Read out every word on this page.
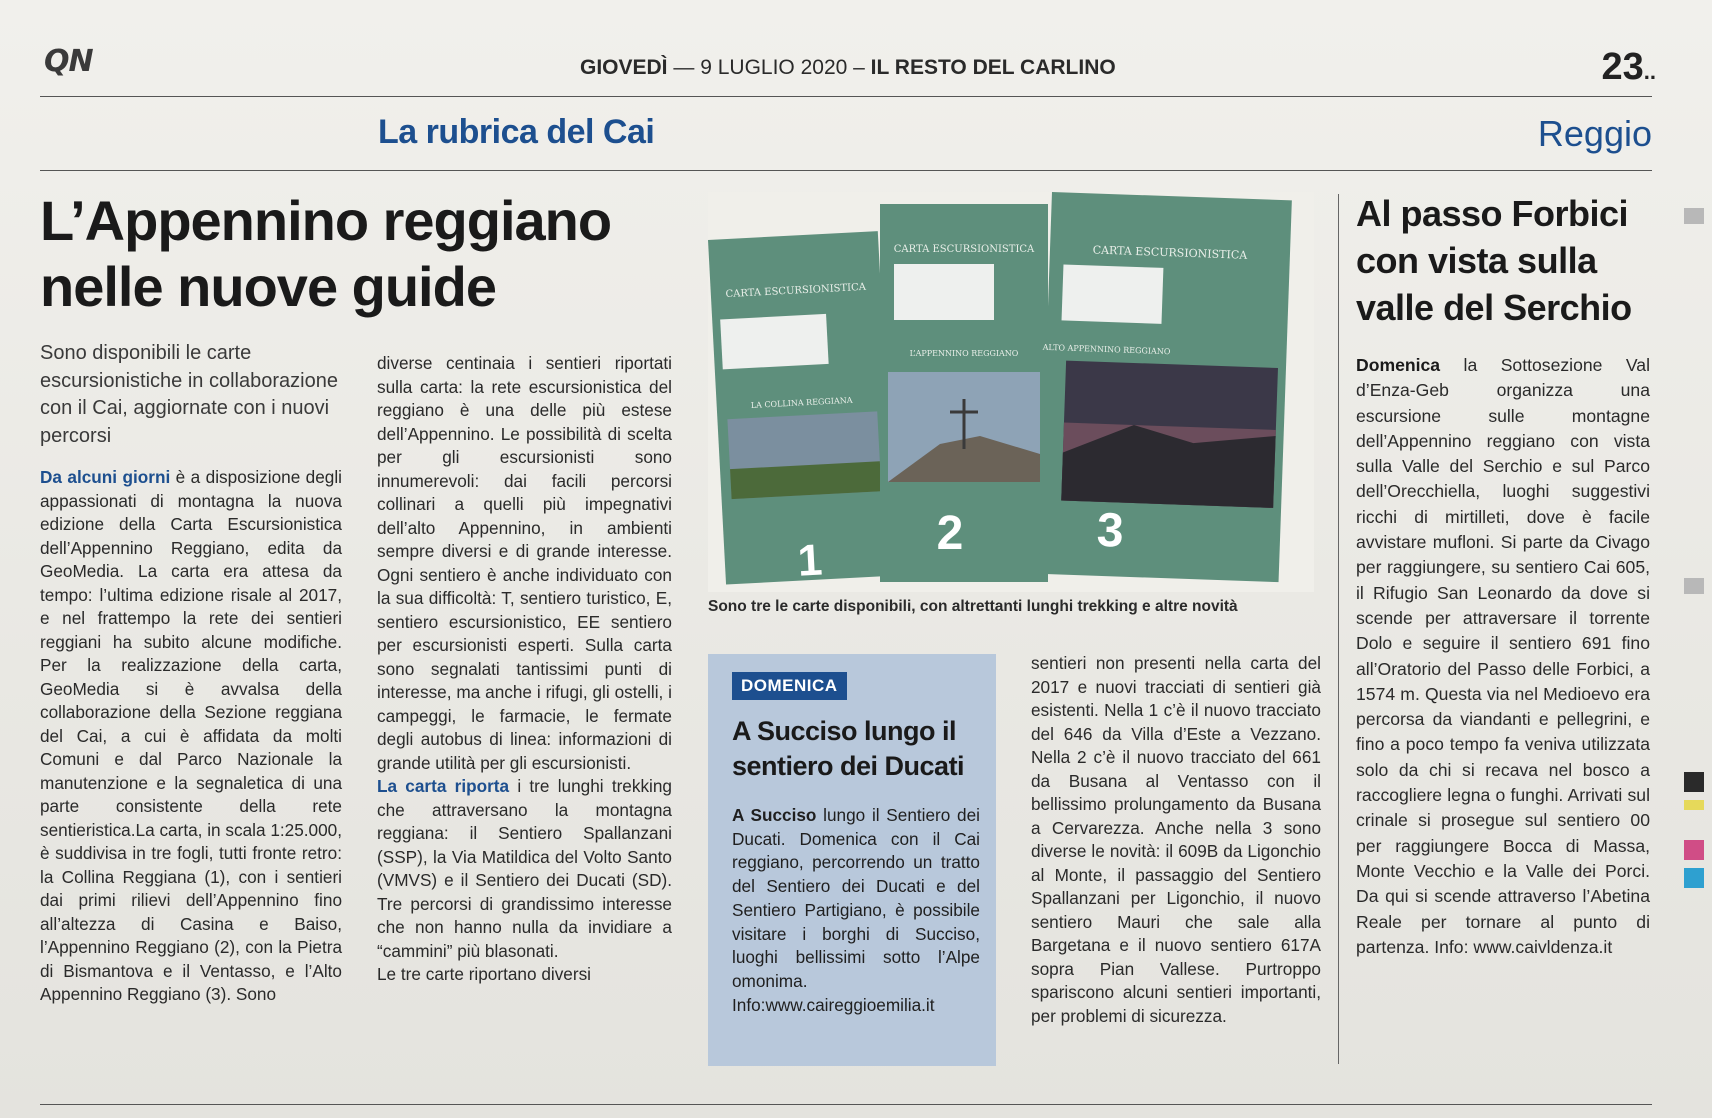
QN	GIOVEDÌ — 9 LUGLIO 2020 – IL RESTO DEL CARLINO	23..
La rubrica del Cai	Reggio
L’Appennino reggiano nelle nuove guide
Sono disponibili le carte escursionistiche in collaborazione con il Cai, aggiornate con i nuovi percorsi

Da alcuni giorni è a disposizione degli appassionati di montagna la nuova edizione della Carta Escursionistica dell’Appennino Reggiano, edita da GeoMedia. La carta era attesa da tempo: l’ultima edizione risale al 2017, e nel frattempo la rete dei sentieri reggiani ha subito alcune modifiche. Per la realizzazione della carta, GeoMedia si è avvalsa della collaborazione della Sezione reggiana del Cai, a cui è affidata da molti Comuni e dal Parco Nazionale la manutenzione e la segnaletica di una parte consistente della rete sentieristica.La carta, in scala 1:25.000, è suddivisa in tre fogli, tutti fronte retro: la Collina Reggiana (1), con i sentieri dai primi rilievi dell’Appennino fino all’altezza di Casina e Baiso, l’Appennino Reggiano (2), con la Pietra di Bismantova e il Ventasso, e l’Alto Appennino Reggiano (3). Sono

diverse centinaia i sentieri riportati sulla carta: la rete escursionistica del reggiano è una delle più estese dell’Appennino. Le possibilità di scelta per gli escursionisti sono innumerevoli: dai facili percorsi collinari a quelli più impegnativi dell’alto Appennino, in ambienti sempre diversi e di grande interesse. Ogni sentiero è anche individuato con la sua difficoltà: T, sentiero turistico, E, sentiero escursionistico, EE sentiero per escursionisti esperti. Sulla carta sono segnalati tantissimi punti di interesse, ma anche i rifugi, gli ostelli, i campeggi, le farmacie, le fermate degli autobus di linea: informazioni di grande utilità per gli escursionisti.

La carta riporta i tre lunghi trekking che attraversano la montagna reggiana: il Sentiero Spallanzani (SSP), la Via Matildica del Volto Santo (VMVS) e il Sentiero dei Ducati (SD). Tre percorsi di grandissimo interesse che non hanno nulla da invidiare a “cammini” più blasonati.

Le tre carte riportano diversi

sentieri non presenti nella carta del 2017 e nuovi tracciati di sentieri già esistenti. Nella 1 c’è il nuovo tracciato del 646 da Villa d’Este a Vezzano. Nella 2 c’è il nuovo tracciato del 661 da Busana al Ventasso con il bellissimo prolungamento da Busana a Cervarezza. Anche nella 3 sono diverse le novità: il 609B da Ligonchio al Monte, il passaggio del Sentiero Spallanzani per Ligonchio, il nuovo sentiero Mauri che sale alla Bargetana e il nuovo sentiero 617A sopra Pian Vallese. Purtroppo spariscono alcuni sentieri importanti, per problemi di sicurezza.

CARTA ESCURSIONISTICA
LA COLLINA REGGIANA
1
CARTA ESCURSIONISTICA
L’APPENNINO REGGIANO
2
CARTA ESCURSIONISTICA
ALTO APPENNINO REGGIANO
3
Sono tre le carte disponibili, con altrettanti lunghi trekking e altre novità
DOMENICA
A Succiso lungo il sentiero dei Ducati
A Succiso lungo il Sentiero dei Ducati. Domenica con il Cai reggiano, percorrendo un tratto del Sentiero dei Ducati e del Sentiero Partigiano, è possibile visitare i borghi di Succiso, luoghi bellissimi sotto l’Alpe omonima. Info:www.caireggioemilia.it
Al passo Forbici con vista sulla valle del Serchio

Domenica la Sottosezione Val d’Enza-Geb organizza una escursione sulle montagne dell’Appennino reggiano con vista sulla Valle del Serchio e sul Parco dell’Orecchiella, luoghi suggestivi ricchi di mirtilleti, dove è facile avvistare mufloni. Si parte da Civago per raggiungere, su sentiero Cai 605, il Rifugio San Leonardo da dove si scende per attraversare il torrente Dolo e seguire il sentiero 691 fino all’Oratorio del Passo delle Forbici, a 1574 m. Questa via nel Medioevo era percorsa da viandanti e pellegrini, e fino a poco tempo fa veniva utilizzata solo da chi si recava nel bosco a raccogliere legna o funghi. Arrivati sul crinale si prosegue sul sentiero 00 per raggiungere Bocca di Massa, Monte Vecchio e la Valle dei Porci. Da qui si scende attraverso l’Abetina Reale per tornare al punto di partenza. Info: www.caivldenza.it
